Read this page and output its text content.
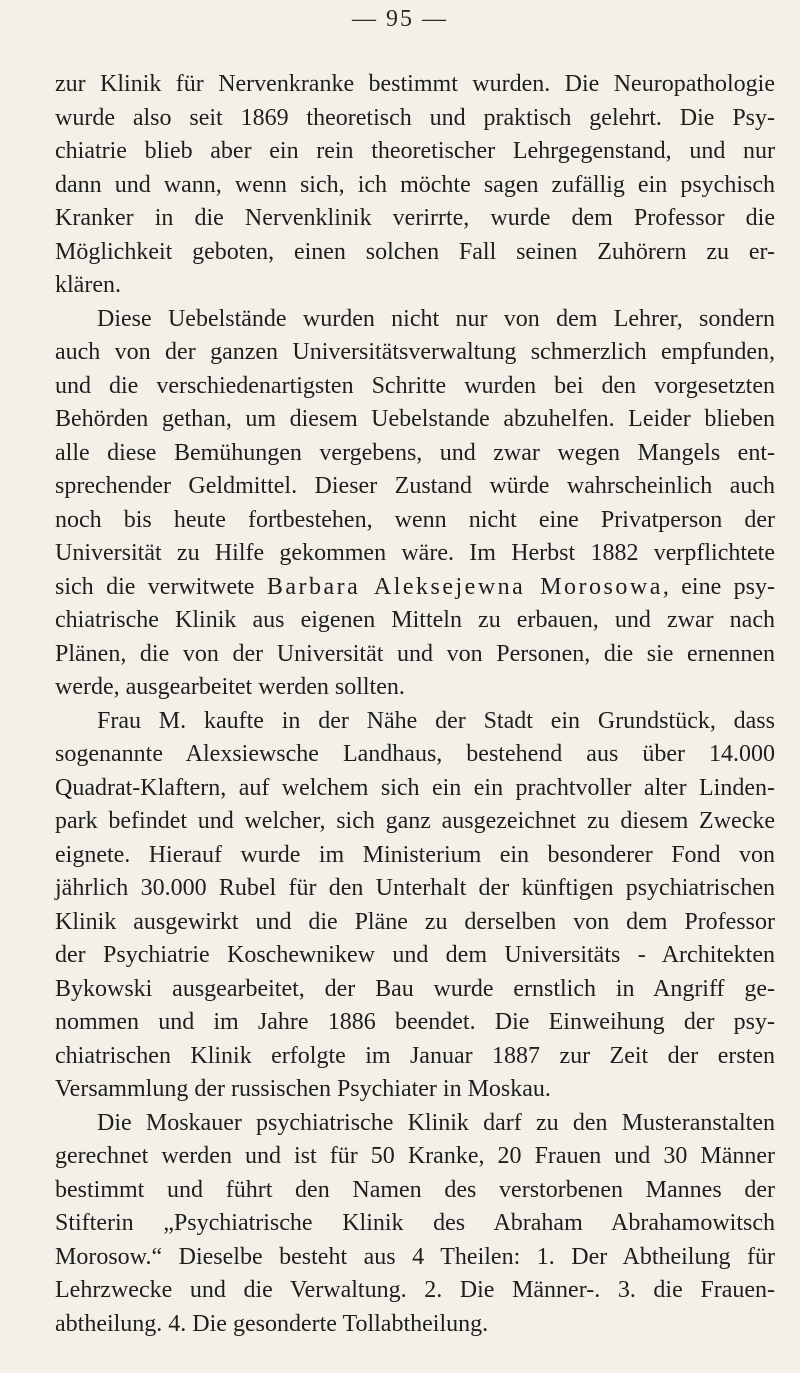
— 95 —
zur Klinik für Nervenkranke bestimmt wurden. Die Neuropathologie
wurde also seit 1869 theoretisch und praktisch gelehrt. Die Psy-
chiatrie blieb aber ein rein theoretischer Lehrgegenstand, und nur
dann und wann, wenn sich, ich möchte sagen zufällig ein psychisch
Kranker in die Nervenklinik verirrte, wurde dem Professor die
Möglichkeit geboten, einen solchen Fall seinen Zuhörern zu er-
klären.
Diese Uebelstände wurden nicht nur von dem Lehrer, sondern
auch von der ganzen Universitätsverwaltung schmerzlich empfunden,
und die verschiedenartigsten Schritte wurden bei den vorgesetzten
Behörden gethan, um diesem Uebelstande abzuhelfen. Leider blieben
alle diese Bemühungen vergebens, und zwar wegen Mangels ent-
sprechender Geldmittel. Dieser Zustand würde wahrscheinlich auch
noch bis heute fortbestehen, wenn nicht eine Privatperson der
Universität zu Hilfe gekommen wäre. Im Herbst 1882 verpflichtete
sich die verwitwete Barbara Aleksejewna Morosowa, eine psy-
chiatrische Klinik aus eigenen Mitteln zu erbauen, und zwar nach
Plänen, die von der Universität und von Personen, die sie ernennen
werde, ausgearbeitet werden sollten.
Frau M. kaufte in der Nähe der Stadt ein Grundstück, dass
sogenannte Alexsiewsche Landhaus, bestehend aus über 14.000
Quadrat-Klaftern, auf welchem sich ein ein prachtvoller alter Linden-
park befindet und welcher, sich ganz ausgezeichnet zu diesem Zwecke
eignete. Hierauf wurde im Ministerium ein besonderer Fond von
jährlich 30.000 Rubel für den Unterhalt der künftigen psychiatrischen
Klinik ausgewirkt und die Pläne zu derselben von dem Professor
der Psychiatrie Koschewnikew und dem Universitäts - Architekten
Bykowski ausgearbeitet, der Bau wurde ernstlich in Angriff ge-
nommen und im Jahre 1886 beendet. Die Einweihung der psy-
chiatrischen Klinik erfolgte im Januar 1887 zur Zeit der ersten
Versammlung der russischen Psychiater in Moskau.
Die Moskauer psychiatrische Klinik darf zu den Musteranstalten
gerechnet werden und ist für 50 Kranke, 20 Frauen und 30 Männer
bestimmt und führt den Namen des verstorbenen Mannes der
Stifterin „Psychiatrische Klinik des Abraham Abrahamowitsch
Morosow.“ Dieselbe besteht aus 4 Theilen: 1. Der Abtheilung für
Lehrzwecke und die Verwaltung. 2. Die Männer-. 3. die Frauen-
abtheilung. 4. Die gesonderte Tollabtheilung.
